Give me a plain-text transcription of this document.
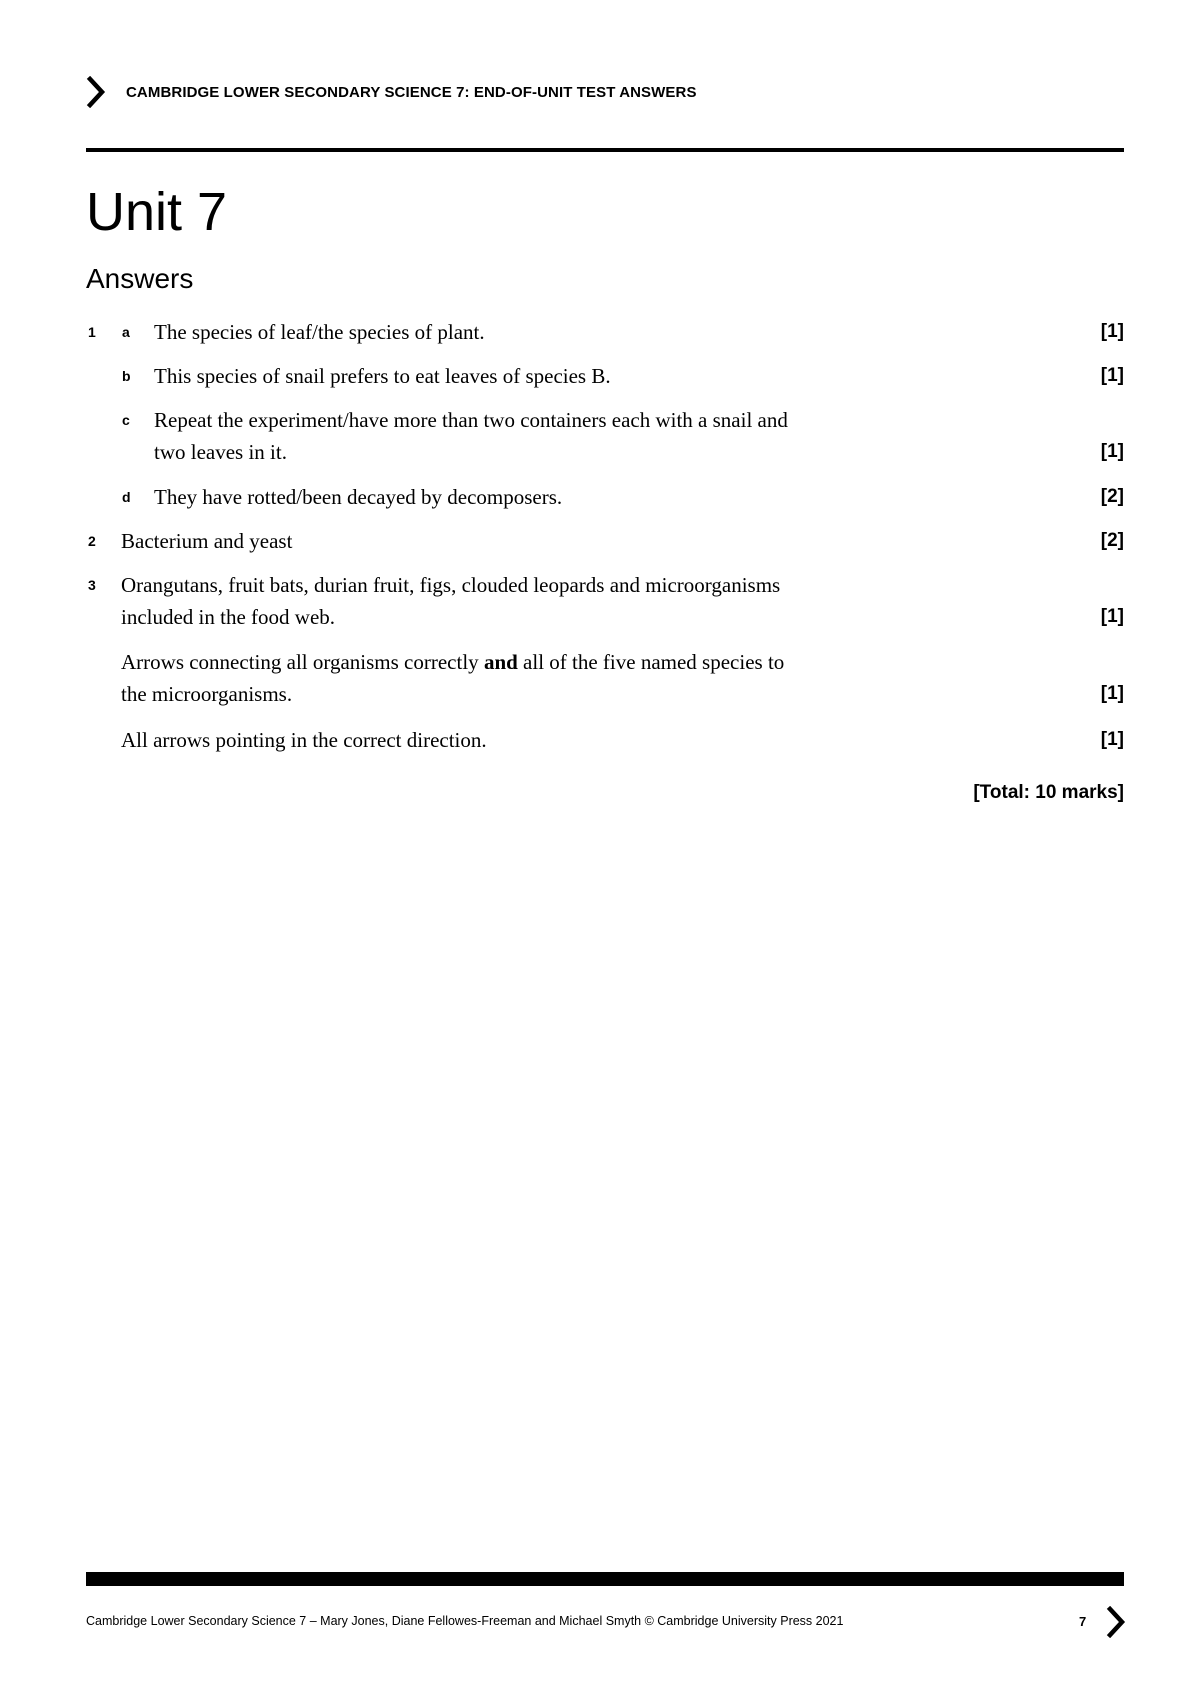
CAMBRIDGE LOWER SECONDARY SCIENCE 7: END-OF-UNIT TEST ANSWERS
Unit 7
Answers
1 a The species of leaf/the species of plant.	[1]
b This species of snail prefers to eat leaves of species B.	[1]
c Repeat the experiment/have more than two containers each with a snail and
two leaves in it.	[1]
d They have rotted/been decayed by decomposers.	[2]
2 Bacterium and yeast	[2]
3 Orangutans, fruit bats, durian fruit, figs, clouded leopards and microorganisms
included in the food web.	[1]
Arrows connecting all organisms correctly and all of the five named species to
the microorganisms.	[1]
All arrows pointing in the correct direction.	[1]
[Total: 10 marks]
Cambridge Lower Secondary Science 7 – Mary Jones, Diane Fellowes-Freeman and Michael Smyth © Cambridge University Press 2021	7
